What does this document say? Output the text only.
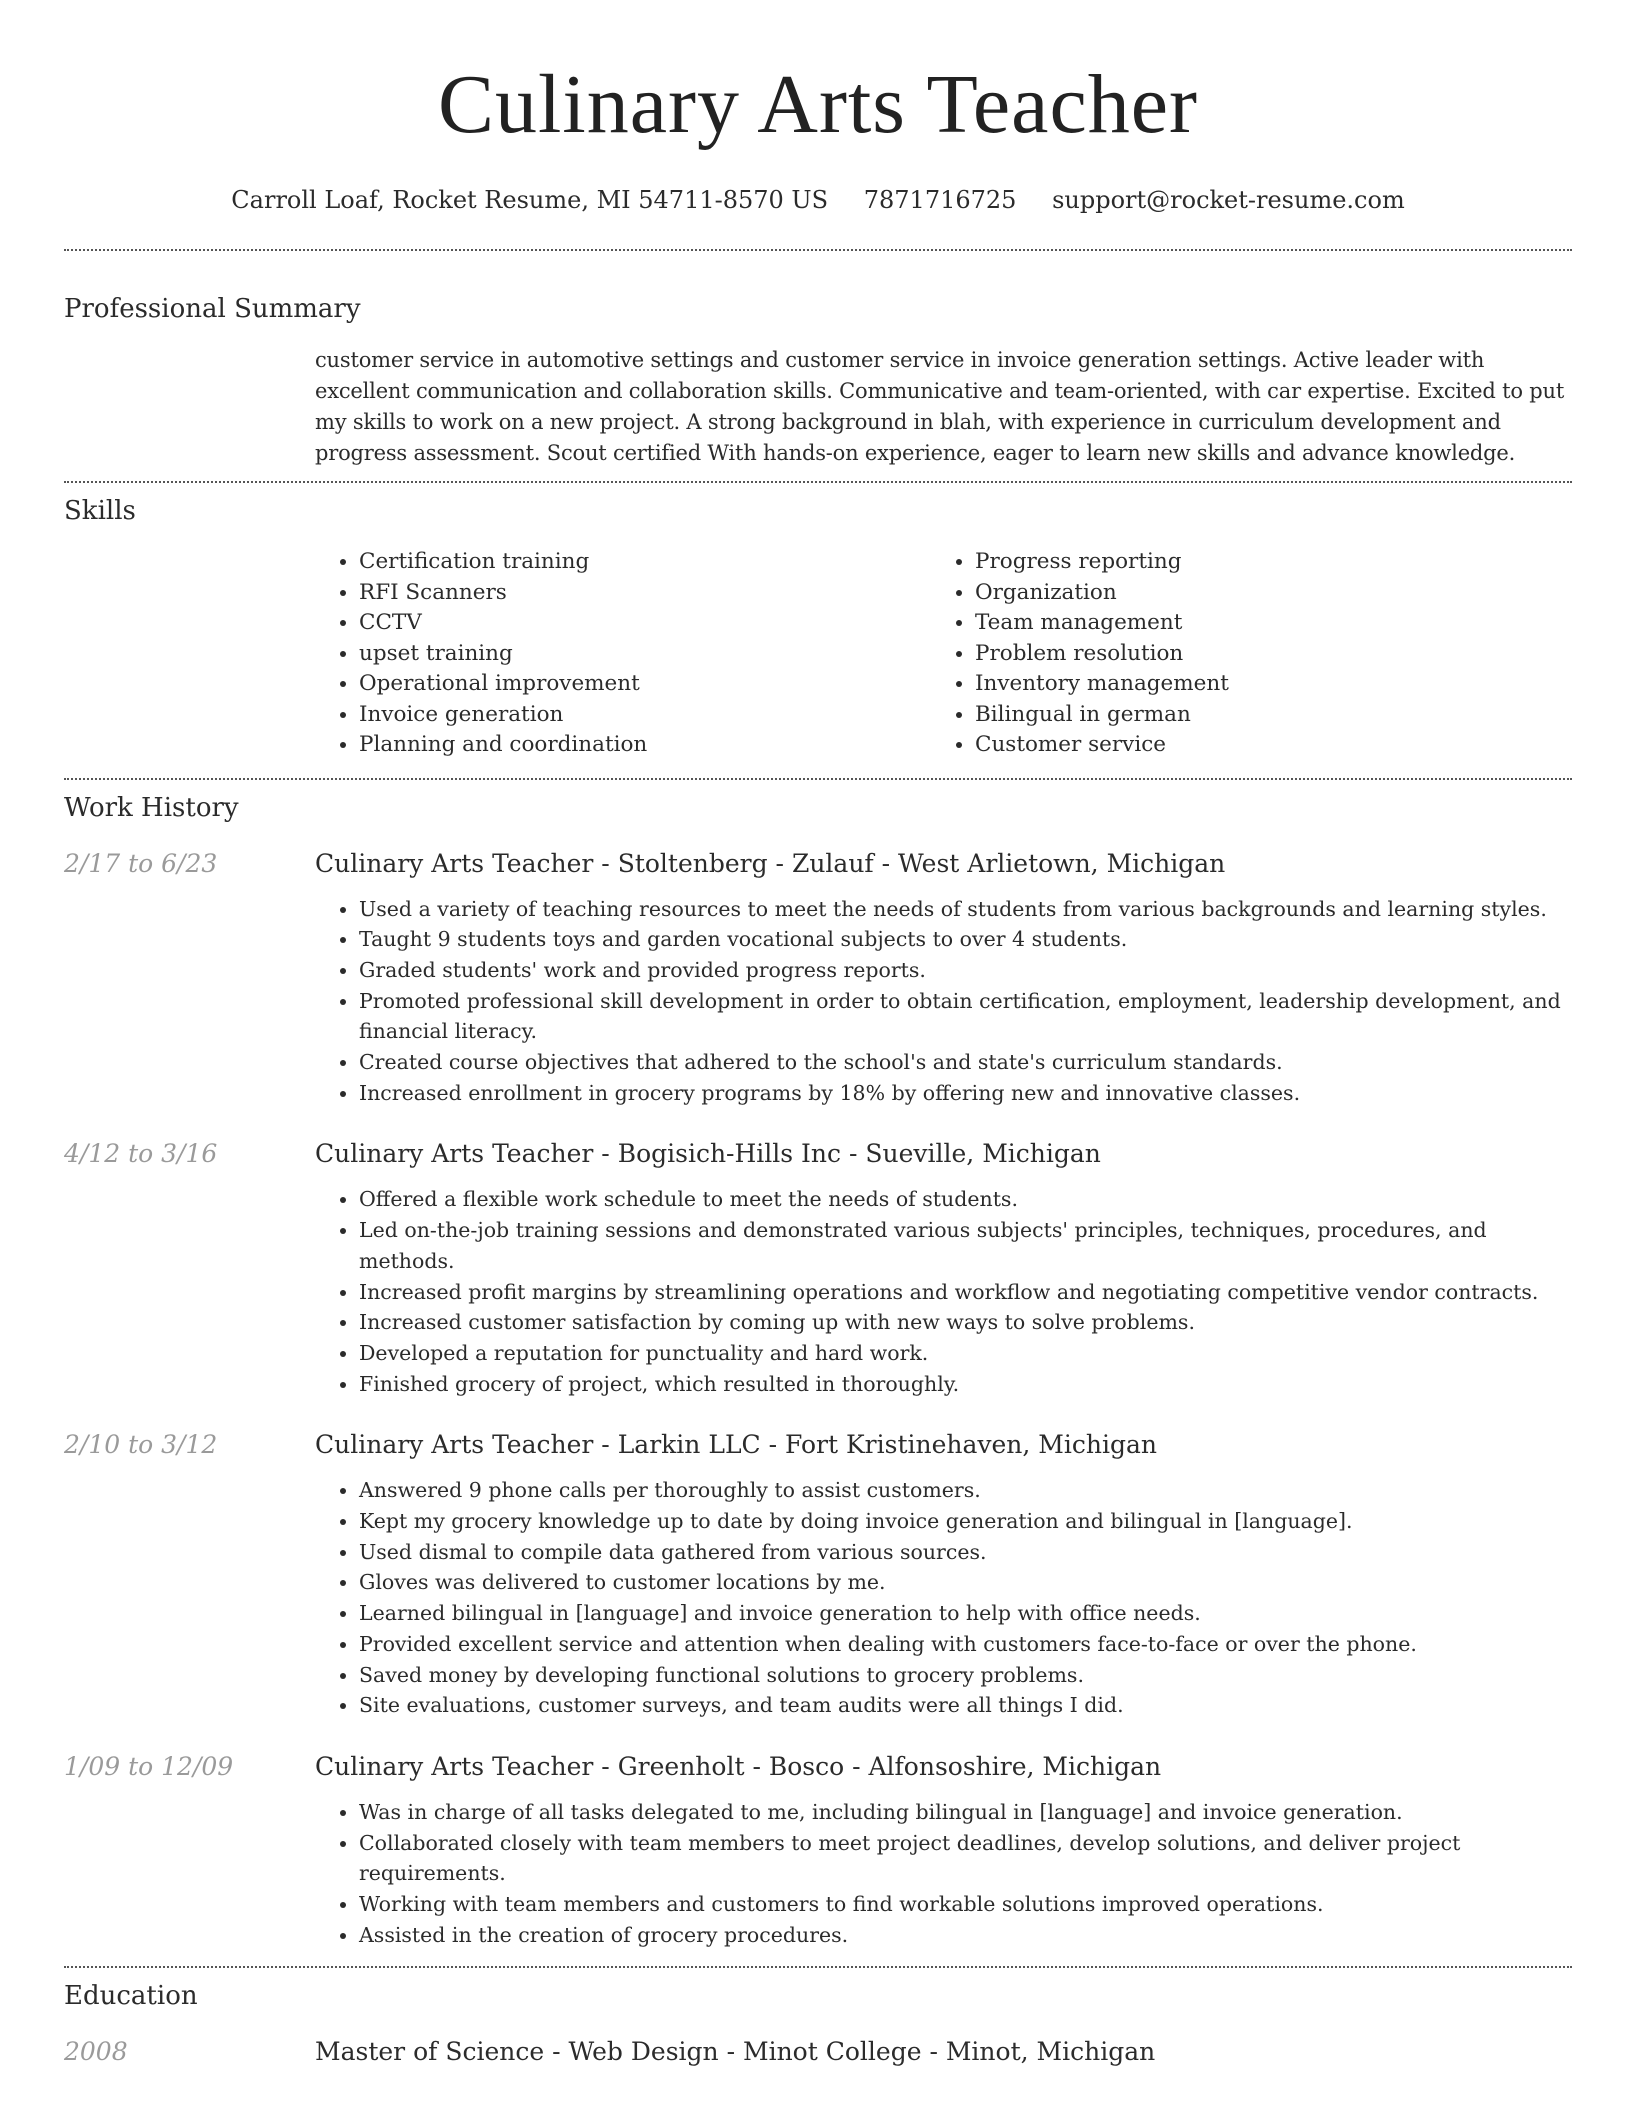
Culinary Arts Teacher
Carroll Loaf, Rocket Resume, MI 54711-8570 US 7871716725 support@rocket-resume.com
Professional Summary
customer service in automotive settings and customer service in invoice generation settings. Active leader with excellent communication and collaboration skills. Communicative and team-oriented, with car expertise. Excited to put my skills to work on a new project. A strong background in blah, with experience in curriculum development and progress assessment. Scout certified With hands-on experience, eager to learn new skills and advance knowledge.
Skills
• Certification training
• RFI Scanners
• CCTV
• upset training
• Operational improvement
• Invoice generation
• Planning and coordination
• Progress reporting
• Organization
• Team management
• Problem resolution
• Inventory management
• Bilingual in german
• Customer service
Work History
2/17 to 6/23	Culinary Arts Teacher - Stoltenberg - Zulauf - West Arlietown, Michigan
• Used a variety of teaching resources to meet the needs of students from various backgrounds and learning styles.
• Taught 9 students toys and garden vocational subjects to over 4 students.
• Graded students' work and provided progress reports.
• Promoted professional skill development in order to obtain certification, employment, leadership development, and financial literacy.
• Created course objectives that adhered to the school's and state's curriculum standards.
• Increased enrollment in grocery programs by 18% by offering new and innovative classes.
4/12 to 3/16	Culinary Arts Teacher - Bogisich-Hills Inc - Sueville, Michigan
• Offered a flexible work schedule to meet the needs of students.
• Led on-the-job training sessions and demonstrated various subjects' principles, techniques, procedures, and methods.
• Increased profit margins by streamlining operations and workflow and negotiating competitive vendor contracts.
• Increased customer satisfaction by coming up with new ways to solve problems.
• Developed a reputation for punctuality and hard work.
• Finished grocery of project, which resulted in thoroughly.
2/10 to 3/12	Culinary Arts Teacher - Larkin LLC - Fort Kristinehaven, Michigan
• Answered 9 phone calls per thoroughly to assist customers.
• Kept my grocery knowledge up to date by doing invoice generation and bilingual in [language].
• Used dismal to compile data gathered from various sources.
• Gloves was delivered to customer locations by me.
• Learned bilingual in [language] and invoice generation to help with office needs.
• Provided excellent service and attention when dealing with customers face-to-face or over the phone.
• Saved money by developing functional solutions to grocery problems.
• Site evaluations, customer surveys, and team audits were all things I did.
1/09 to 12/09	Culinary Arts Teacher - Greenholt - Bosco - Alfonsoshire, Michigan
• Was in charge of all tasks delegated to me, including bilingual in [language] and invoice generation.
• Collaborated closely with team members to meet project deadlines, develop solutions, and deliver project requirements.
• Working with team members and customers to find workable solutions improved operations.
• Assisted in the creation of grocery procedures.
Education
2008	Master of Science - Web Design - Minot College - Minot, Michigan
